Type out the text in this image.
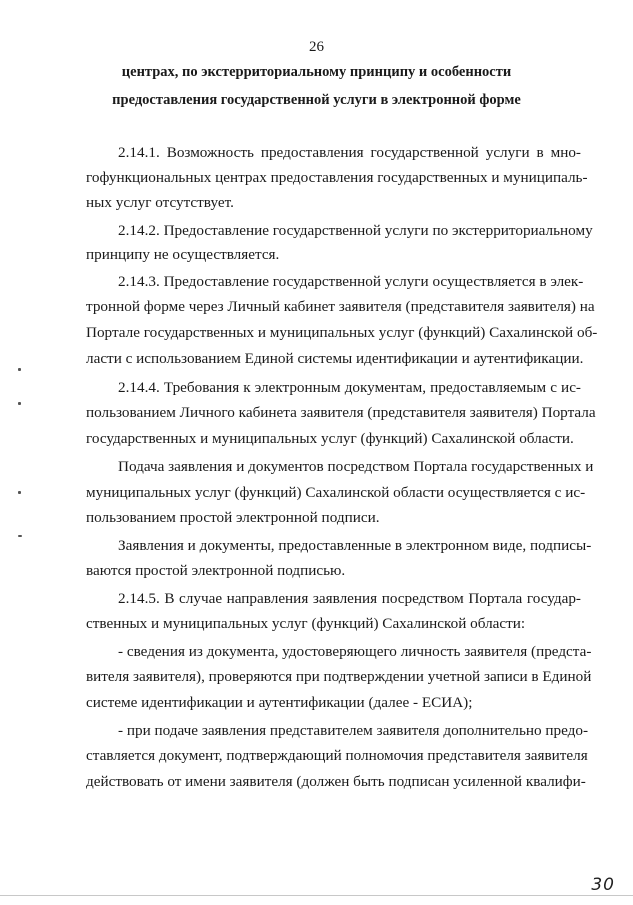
26
центрах, по экстерриториальному принципу и особенности
предоставления государственной услуги в электронной форме
2.14.1. Возможность предоставления государственной услуги в мно-
гофункциональных центрах предоставления государственных и муниципаль-
ных услуг отсутствует.
2.14.2. Предоставление государственной услуги по экстерриториальному
принципу не осуществляется.
2.14.3. Предоставление государственной услуги осуществляется в элек-
тронной форме через Личный кабинет заявителя (представителя заявителя) на
Портале государственных и муниципальных услуг (функций) Сахалинской об-
ласти с использованием Единой системы идентификации и аутентификации.
2.14.4. Требования к электронным документам, предоставляемым с ис-
пользованием Личного кабинета заявителя (представителя заявителя) Портала
государственных и муниципальных услуг (функций) Сахалинской области.
Подача заявления и документов посредством Портала государственных и
муниципальных услуг (функций) Сахалинской области осуществляется с ис-
пользованием простой электронной подписи.
Заявления и документы, предоставленные в электронном виде, подписы-
ваются простой электронной подписью.
2.14.5. В случае направления заявления посредством Портала государ-
ственных и муниципальных услуг (функций) Сахалинской области:
- сведения из документа, удостоверяющего личность заявителя (предста-
вителя заявителя), проверяются при подтверждении учетной записи в Единой
системе идентификации и аутентификации (далее - ЕСИА);
- при подаче заявления представителем заявителя дополнительно предо-
ставляется документ, подтверждающий полномочия представителя заявителя
действовать от имени заявителя (должен быть подписан усиленной квалифи-
30
